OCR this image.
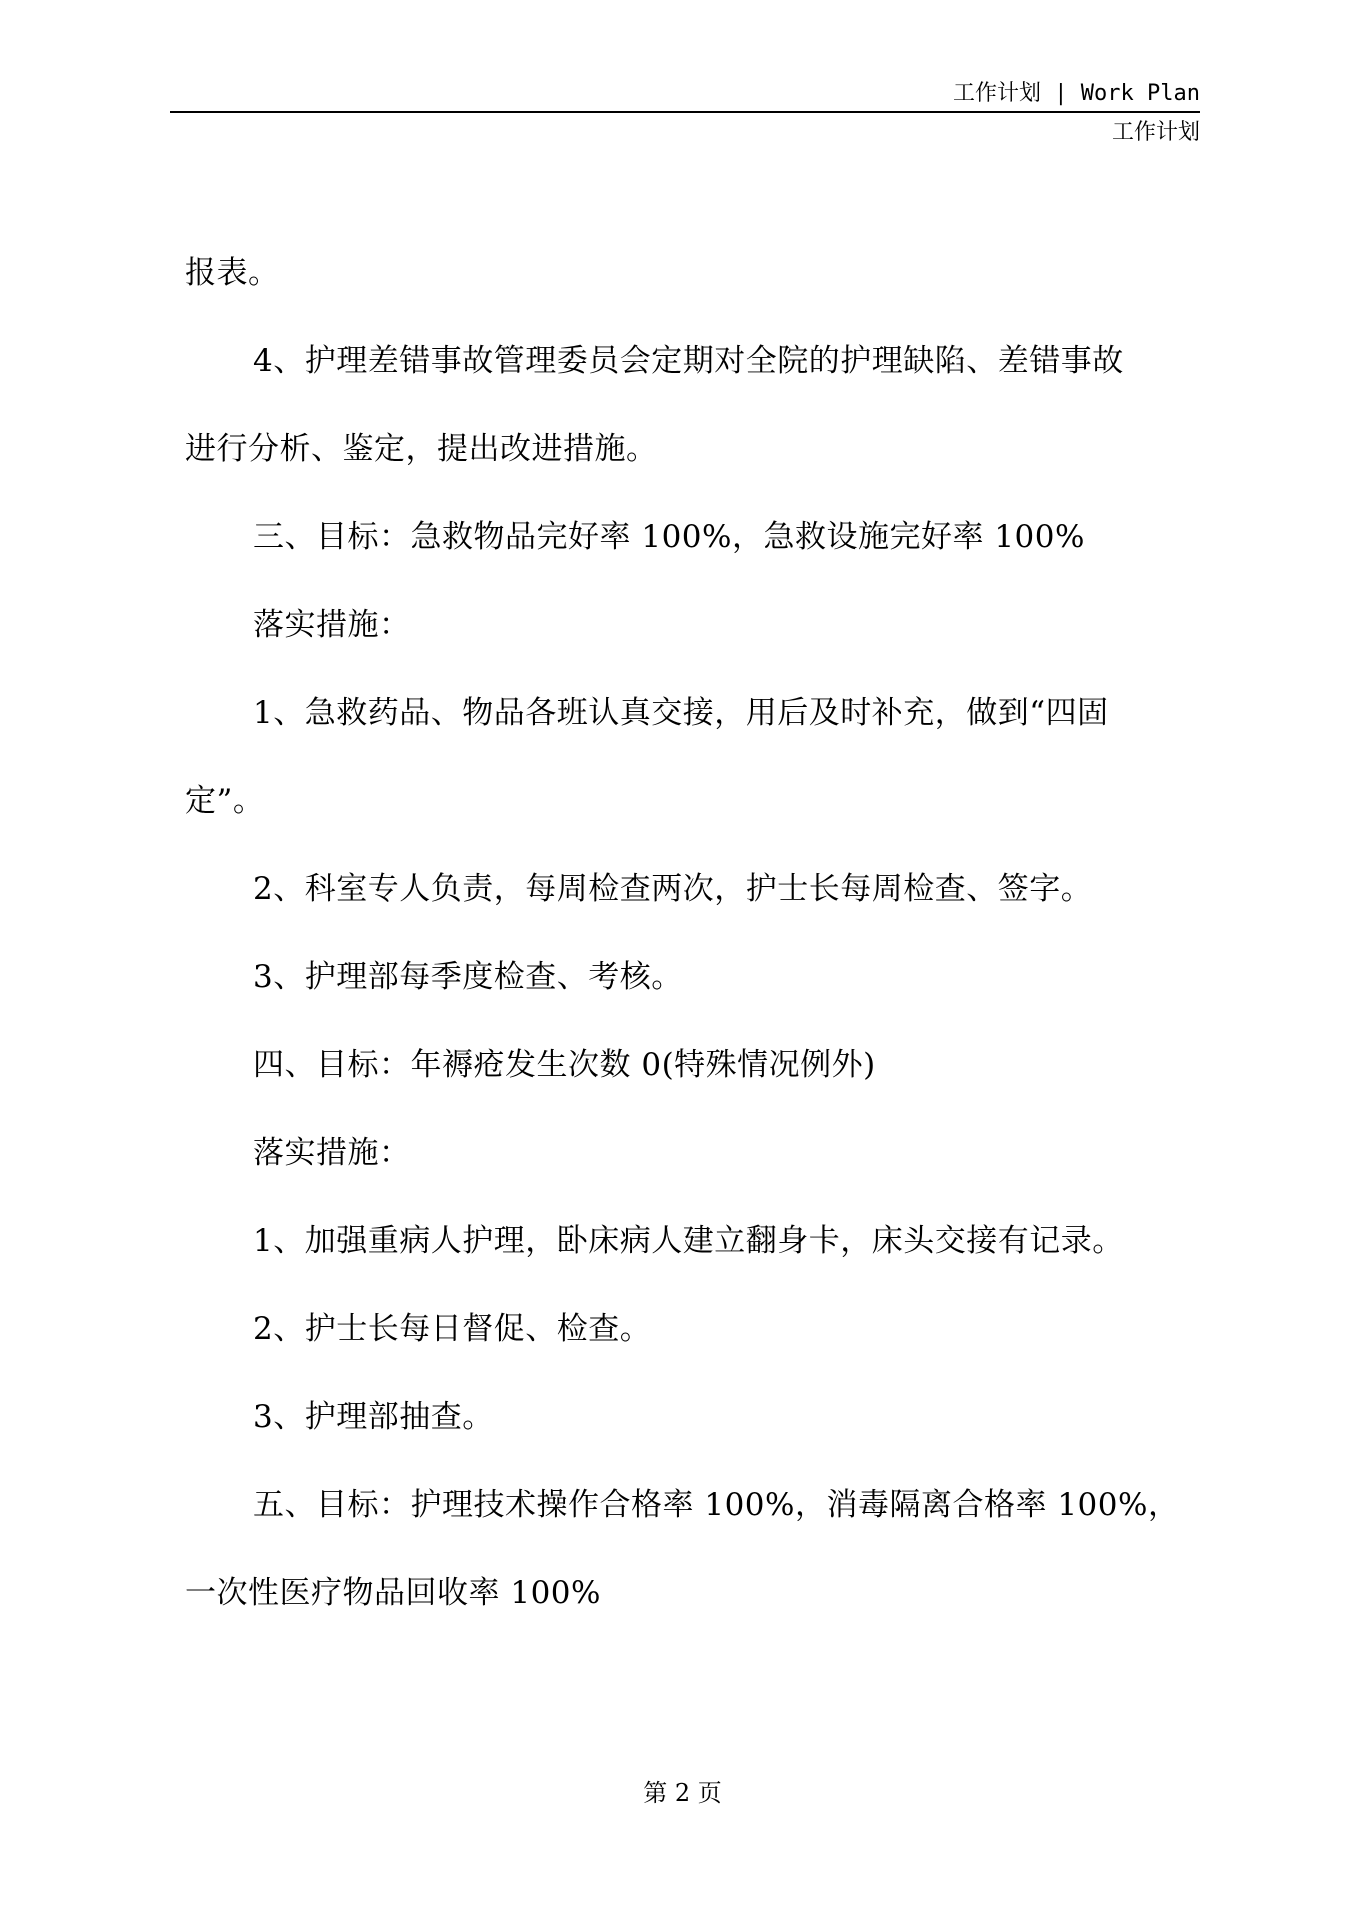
工作计划 | Work Plan
工作计划

报表。

4、护理差错事故管理委员会定期对全院的护理缺陷、差错事故

进行分析、鉴定，提出改进措施。

三、目标：急救物品完好率 100%，急救设施完好率 100%

落实措施：

1、急救药品、物品各班认真交接，用后及时补充，做到“四固

定”。

2、科室专人负责，每周检查两次，护士长每周检查、签字。

3、护理部每季度检查、考核。

四、目标：年褥疮发生次数 0(特殊情况例外)

落实措施：

1、加强重病人护理，卧床病人建立翻身卡，床头交接有记录。

2、护士长每日督促、检查。

3、护理部抽查。

五、目标：护理技术操作合格率 100%，消毒隔离合格率 100%，

一次性医疗物品回收率 100%

第 2 页
